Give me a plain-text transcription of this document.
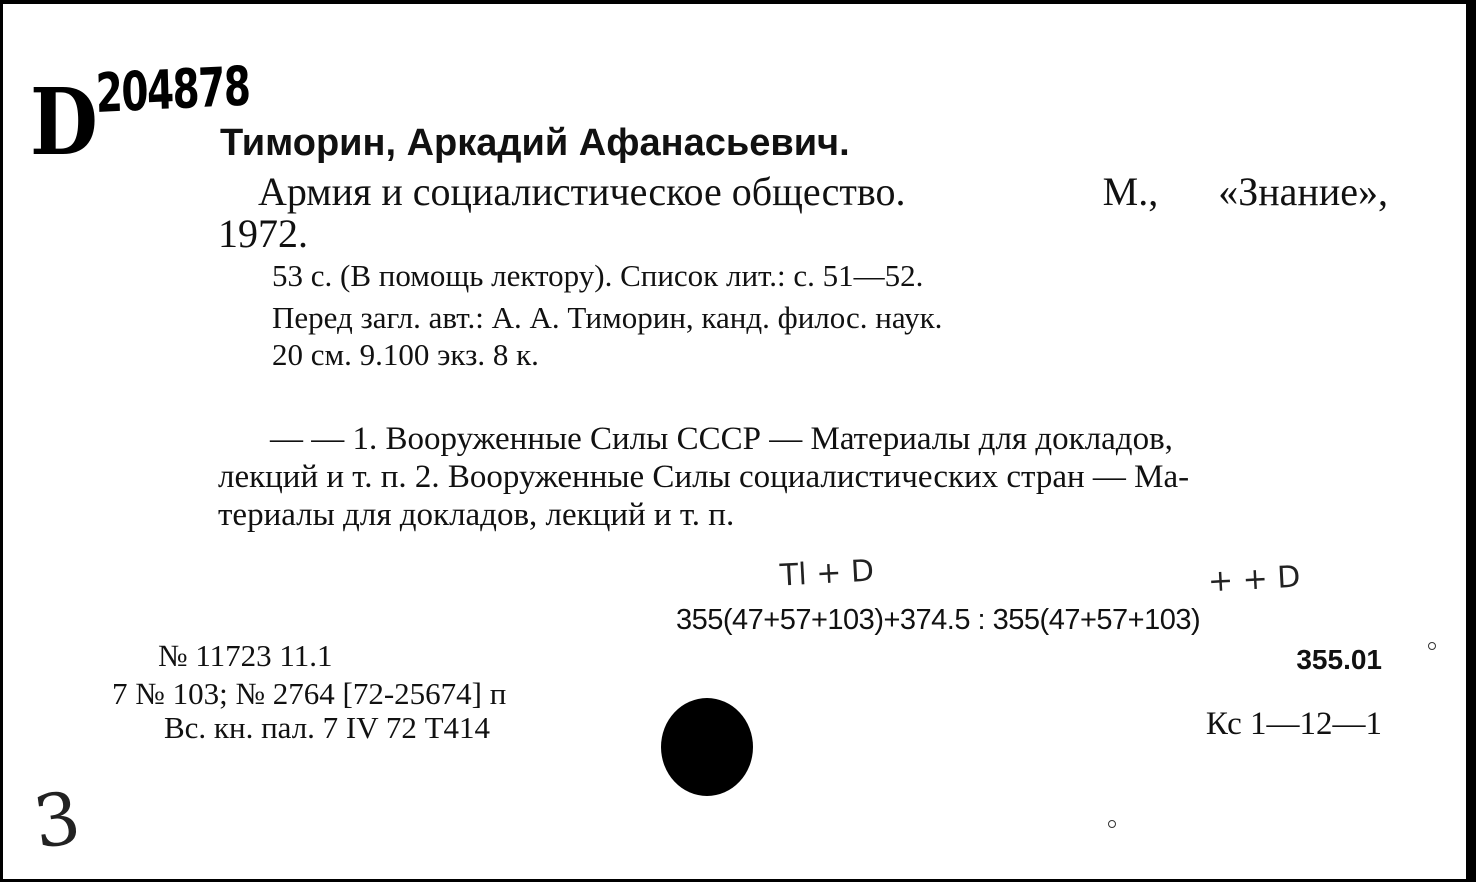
D
204878
Тиморин, Аркадий Афанасьевич.
Армия и социалистическое общество.	М., «Знание»,
1972.
53 с. (В помощь лектору). Список лит.: с. 51—52.
Перед загл. авт.: А. А. Тиморин, канд. филос. наук.
20 см. 9.100 экз. 8 к.
— — 1. Вооруженные Силы СССР — Материалы для докладов,
лекций и т. п. 2. Вооруженные Силы социалистических стран — Ма-
териалы для докладов, лекций и т. п.
Tl + D	+ + D
355(47+57+103)+374.5 : 355(47+57+103)
355.01
№ 11723 11.1
7 № 103; № 2764 [72-25674] п
Вс. кн. пал. 7 IV 72 Т414	Кс 1—12—1
3
